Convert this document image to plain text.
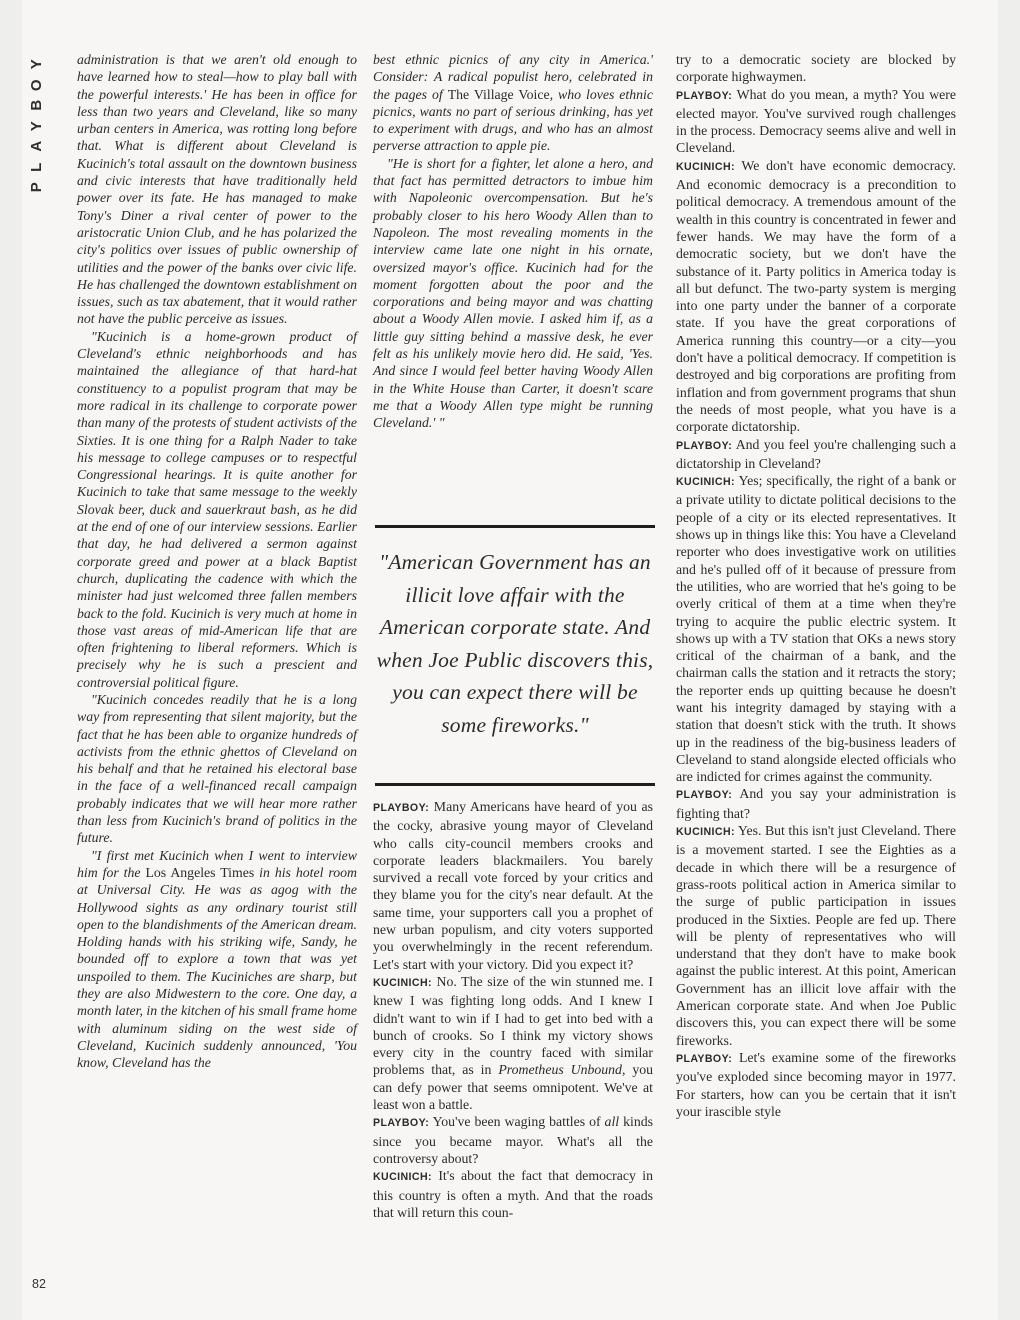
Y
O
B
Y
A
L
P

administration is that we aren't old enough to have learned how to steal—how to play ball with the powerful interests.' He has been in office for less than two years and Cleveland, like so many urban centers in America, was rotting long before that. What is different about Cleveland is Kucinich's total assault on the downtown business and civic interests that have traditionally held power over its fate. He has managed to make Tony's Diner a rival center of power to the aristocratic Union Club, and he has polarized the city's politics over issues of public ownership of utilities and the power of the banks over civic life. He has challenged the downtown establishment on issues, such as tax abatement, that it would rather not have the public perceive as issues.

"Kucinich is a home-grown product of Cleveland's ethnic neighborhoods and has maintained the allegiance of that hard-hat constituency to a populist program that may be more radical in its challenge to corporate power than many of the protests of student activists of the Sixties. It is one thing for a Ralph Nader to take his message to college campuses or to respectful Congressional hearings. It is quite another for Kucinich to take that same message to the weekly Slovak beer, duck and sauerkraut bash, as he did at the end of one of our interview sessions. Earlier that day, he had delivered a sermon against corporate greed and power at a black Baptist church, duplicating the cadence with which the minister had just welcomed three fallen members back to the fold. Kucinich is very much at home in those vast areas of mid-American life that are often frightening to liberal reformers. Which is precisely why he is such a prescient and controversial political figure.

"Kucinich concedes readily that he is a long way from representing that silent majority, but the fact that he has been able to organize hundreds of activists from the ethnic ghettos of Cleveland on his behalf and that he retained his electoral base in the face of a well-financed recall campaign probably indicates that we will hear more rather than less from Kucinich's brand of politics in the future.

"I first met Kucinich when I went to interview him for the Los Angeles Times in his hotel room at Universal City. He was as agog with the Hollywood sights as any ordinary tourist still open to the blandishments of the American dream. Holding hands with his striking wife, Sandy, he bounded off to explore a town that was yet unspoiled to them. The Kuciniches are sharp, but they are also Midwestern to the core. One day, a month later, in the kitchen of his small frame home with aluminum siding on the west side of Cleveland, Kucinich suddenly announced, 'You know, Cleveland has the

best ethnic picnics of any city in America.' Consider: A radical populist hero, celebrated in the pages of The Village Voice, who loves ethnic picnics, wants no part of serious drinking, has yet to experiment with drugs, and who has an almost perverse attraction to apple pie.

"He is short for a fighter, let alone a hero, and that fact has permitted detractors to imbue him with Napoleonic overcompensation. But he's probably closer to his hero Woody Allen than to Napoleon. The most revealing moments in the interview came late one night in his ornate, oversized mayor's office. Kucinich had for the moment forgotten about the poor and the corporations and being mayor and was chatting about a Woody Allen movie. I asked him if, as a little guy sitting behind a massive desk, he ever felt as his unlikely movie hero did. He said, 'Yes. And since I would feel better having Woody Allen in the White House than Carter, it doesn't scare me that a Woody Allen type might be running Cleveland.' "

PLAYBOY: Many Americans have heard of you as the cocky, abrasive young mayor of Cleveland who calls city-council members crooks and corporate leaders blackmailers. You barely survived a recall vote forced by your critics and they blame you for the city's near default. At the same time, your supporters call you a prophet of new urban populism, and city voters supported you overwhelmingly in the recent referendum. Let's start with your victory. Did you expect it?

KUCINICH: No. The size of the win stunned me. I knew I was fighting long odds. And I knew I didn't want to win if I had to get into bed with a bunch of crooks. So I think my victory shows every city in the country faced with similar problems that, as in Prometheus Unbound, you can defy power that seems omnipotent. We've at least won a battle.

PLAYBOY: You've been waging battles of all kinds since you became mayor. What's all the controversy about?

KUCINICH: It's about the fact that democracy in this country is often a myth. And that the roads that will return this coun-

"American Government has an illicit love affair with the American corporate state. And when Joe Public discovers this, you can expect there will be some fireworks."

try to a democratic society are blocked by corporate highwaymen.

PLAYBOY: What do you mean, a myth? You were elected mayor. You've survived rough challenges in the process. Democracy seems alive and well in Cleveland.

KUCINICH: We don't have economic democracy. And economic democracy is a precondition to political democracy. A tremendous amount of the wealth in this country is concentrated in fewer and fewer hands. We may have the form of a democratic society, but we don't have the substance of it. Party politics in America today is all but defunct. The two-party system is merging into one party under the banner of a corporate state. If you have the great corporations of America running this country—or a city—you don't have a political democracy. If competition is destroyed and big corporations are profiting from inflation and from government programs that shun the needs of most people, what you have is a corporate dictatorship.

PLAYBOY: And you feel you're challenging such a dictatorship in Cleveland?

KUCINICH: Yes; specifically, the right of a bank or a private utility to dictate political decisions to the people of a city or its elected representatives. It shows up in things like this: You have a Cleveland reporter who does investigative work on utilities and he's pulled off of it because of pressure from the utilities, who are worried that he's going to be overly critical of them at a time when they're trying to acquire the public electric system. It shows up with a TV station that OKs a news story critical of the chairman of a bank, and the chairman calls the station and it retracts the story; the reporter ends up quitting because he doesn't want his integrity damaged by staying with a station that doesn't stick with the truth. It shows up in the readiness of the big-business leaders of Cleveland to stand alongside elected officials who are indicted for crimes against the community.

PLAYBOY: And you say your administration is fighting that?

KUCINICH: Yes. But this isn't just Cleveland. There is a movement started. I see the Eighties as a decade in which there will be a resurgence of grass-roots political action in America similar to the surge of public participation in issues produced in the Sixties. People are fed up. There will be plenty of representatives who will understand that they don't have to make book against the public interest. At this point, American Government has an illicit love affair with the American corporate state. And when Joe Public discovers this, you can expect there will be some fireworks.

PLAYBOY: Let's examine some of the fireworks you've exploded since becoming mayor in 1977. For starters, how can you be certain that it isn't your irascible style

82
